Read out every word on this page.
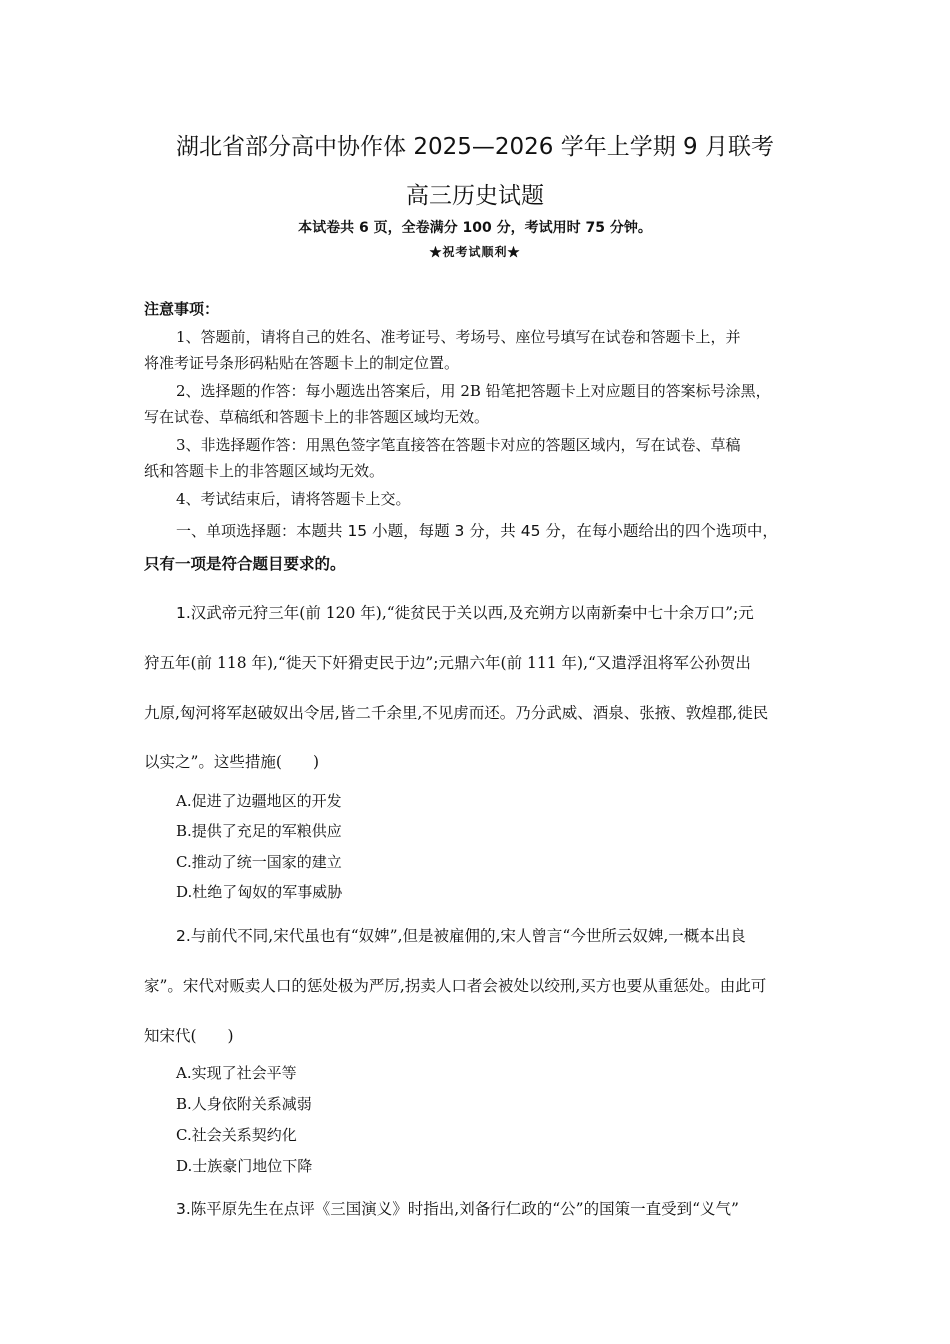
湖北省部分高中协作体 2025—2026 学年上学期 9 月联考
高三历史试题
本试卷共 6 页，全卷满分 100 分，考试用时 75 分钟。
★祝考试顺利★
注意事项：
1、答题前，请将自己的姓名、准考证号、考场号、座位号填写在试卷和答题卡上，并
将准考证号条形码粘贴在答题卡上的制定位置。
2、选择题的作答：每小题选出答案后，用 2B 铅笔把答题卡上对应题目的答案标号涂黑，
写在试卷、草稿纸和答题卡上的非答题区域均无效。
3、非选择题作答：用黑色签字笔直接答在答题卡对应的答题区域内，写在试卷、草稿
纸和答题卡上的非答题区域均无效。
4、考试结束后，请将答题卡上交。
一、单项选择题：本题共 15 小题，每题 3 分，共 45 分，在每小题给出的四个选项中，
只有一项是符合题目要求的。
1.汉武帝元狩三年(前 120 年),“徙贫民于关以西,及充朔方以南新秦中七十余万口”;元
狩五年(前 118 年),“徙天下奸猾吏民于边”;元鼎六年(前 111 年),“又遣浮沮将军公孙贺出
九原,匈河将军赵破奴出令居,皆二千余里,不见虏而还。乃分武威、酒泉、张掖、敦煌郡,徙民
以实之”。这些措施(　　)
A.促进了边疆地区的开发
B.提供了充足的军粮供应
C.推动了统一国家的建立
D.杜绝了匈奴的军事威胁
2.与前代不同,宋代虽也有“奴婢”,但是被雇佣的,宋人曾言“今世所云奴婢,一概本出良
家”。宋代对贩卖人口的惩处极为严厉,拐卖人口者会被处以绞刑,买方也要从重惩处。由此可
知宋代(　　)
A.实现了社会平等
B.人身依附关系减弱
C.社会关系契约化
D.士族豪门地位下降
3.陈平原先生在点评《三国演义》时指出,刘备行仁政的“公”的国策一直受到“义气”
